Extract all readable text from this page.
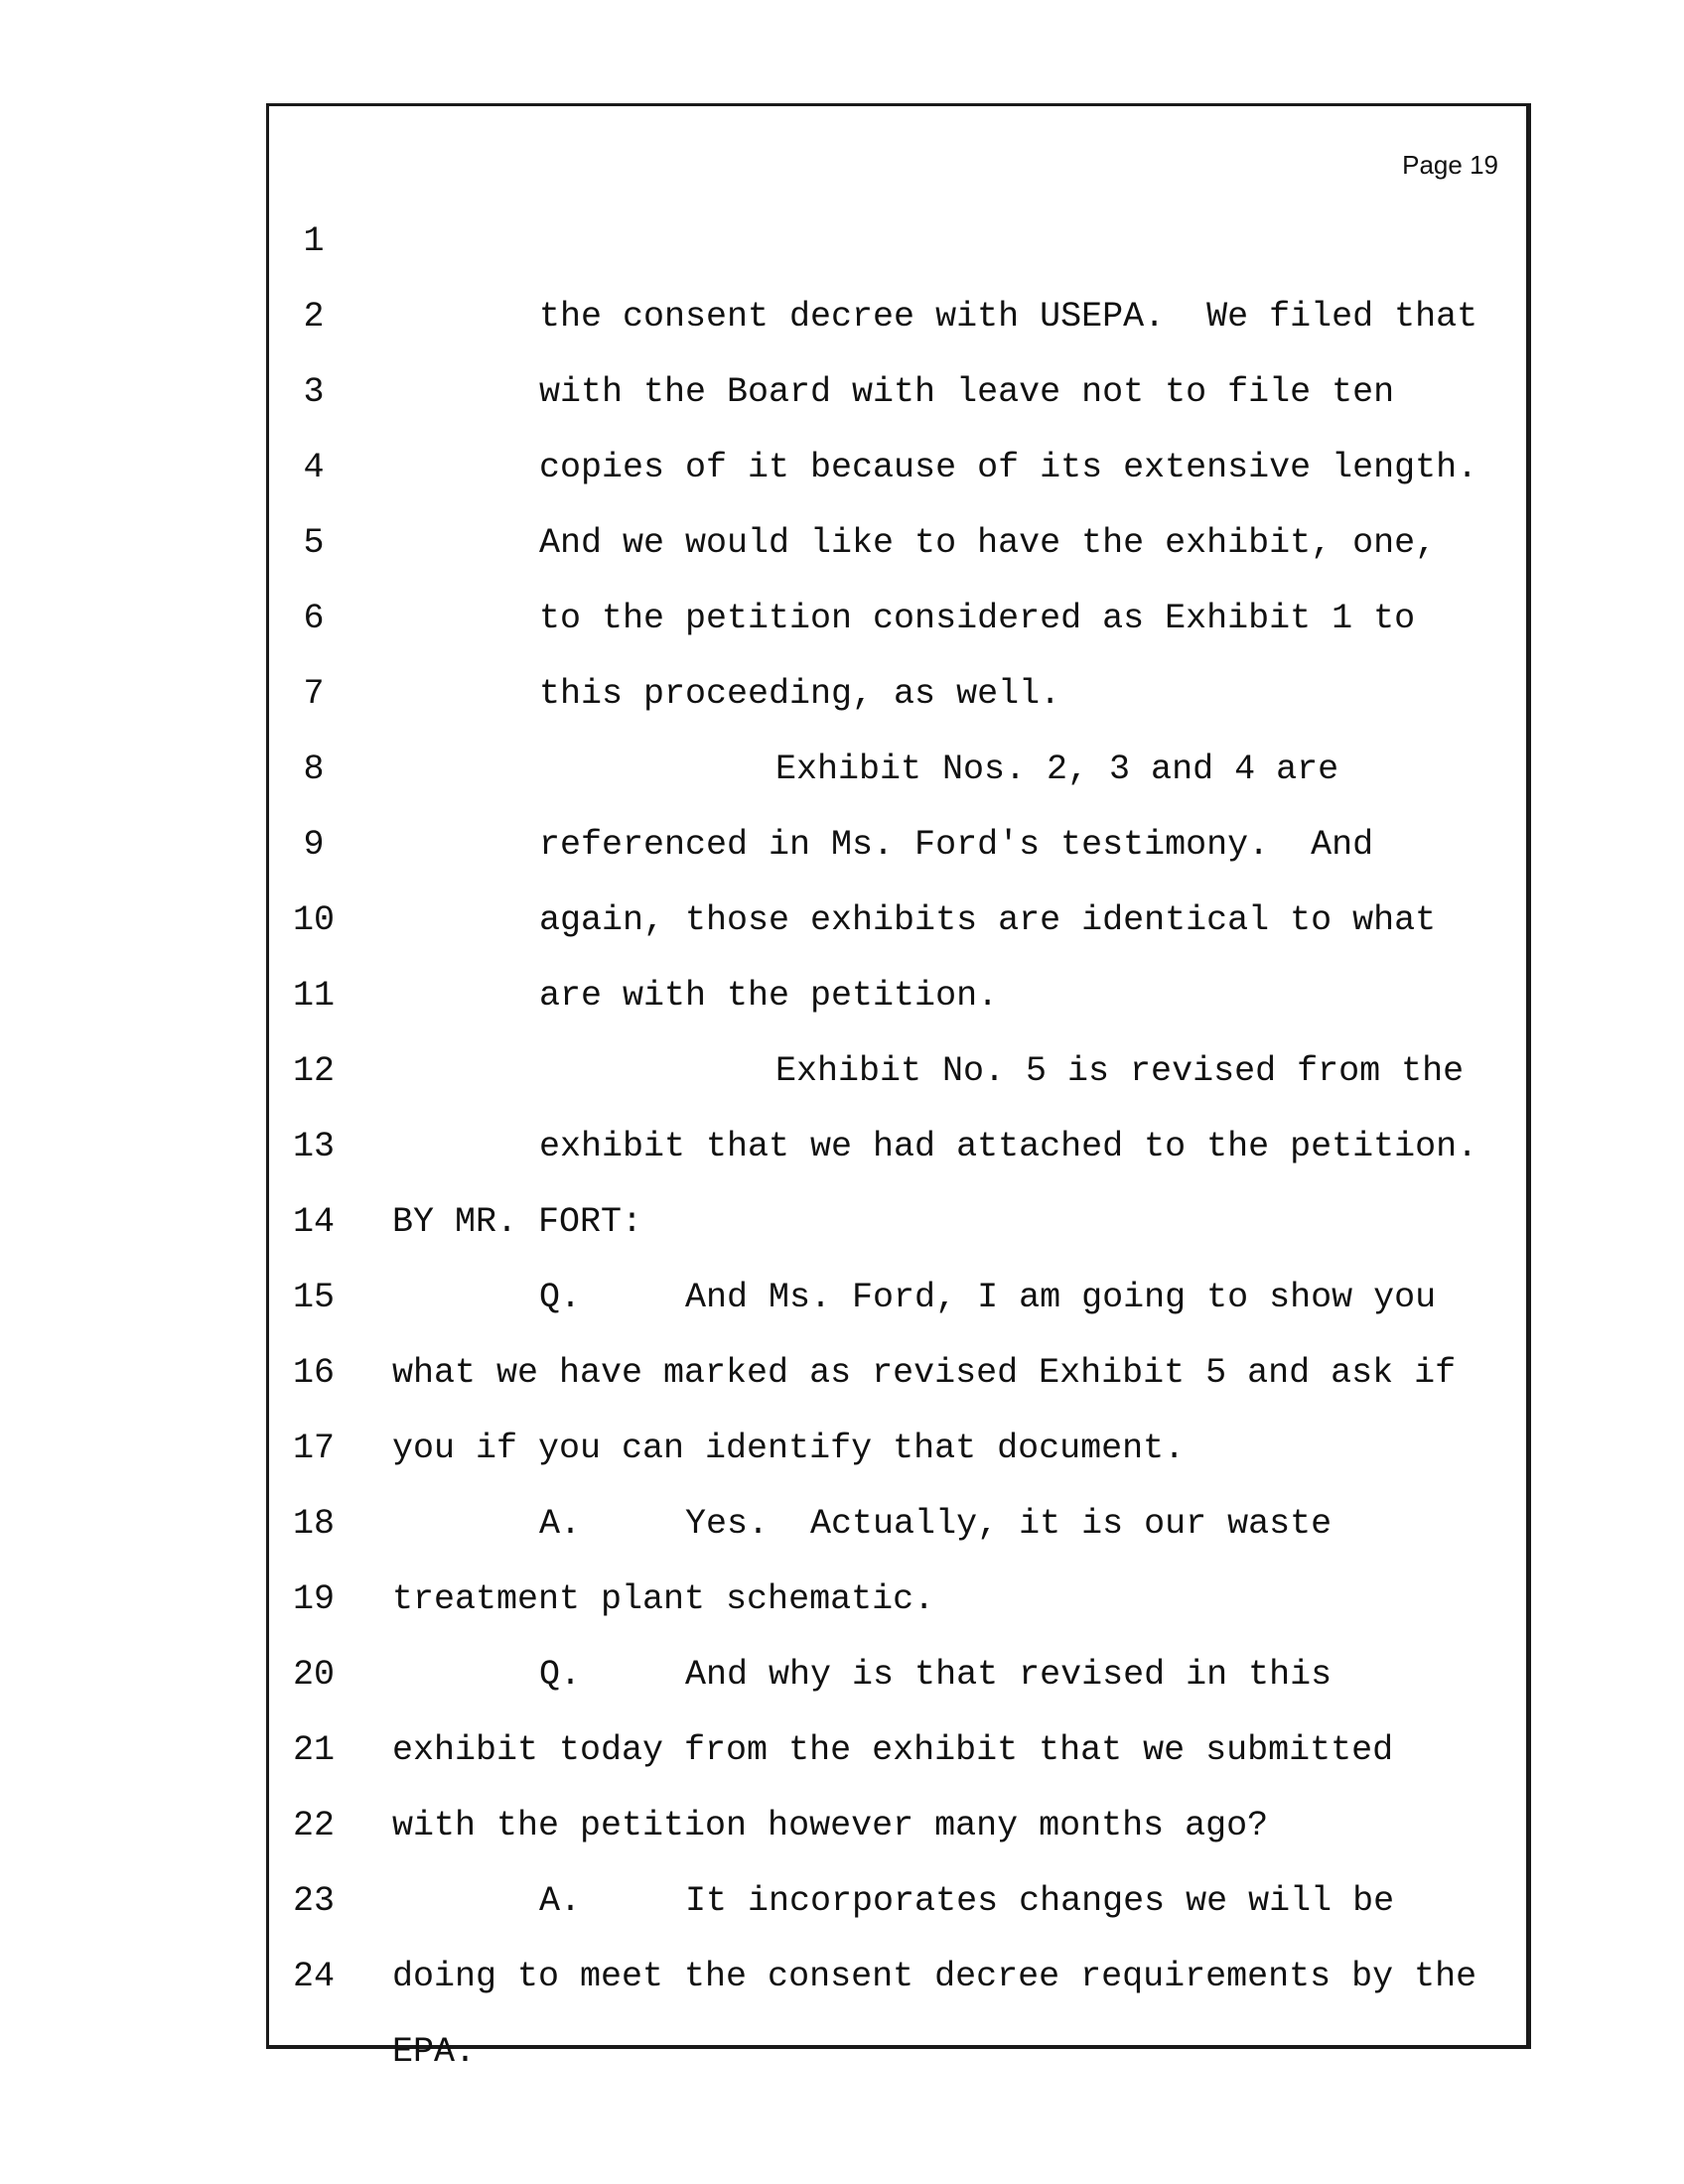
Page 19

1

the consent decree with USEPA.  We filed that

2

with the Board with leave not to file ten

3

copies of it because of its extensive length.

4

And we would like to have the exhibit, one,

5

to the petition considered as Exhibit 1 to

6

this proceeding, as well.

7

Exhibit Nos. 2, 3 and 4 are

8

referenced in Ms. Ford's testimony.  And

9

again, those exhibits are identical to what

10

are with the petition.

11

Exhibit No. 5 is revised from the

12

exhibit that we had attached to the petition.

13

BY MR. FORT:

14

Q.     And Ms. Ford, I am going to show you

15

what we have marked as revised Exhibit 5 and ask if

16

you if you can identify that document.

17

A.     Yes.  Actually, it is our waste

18

treatment plant schematic.

19

Q.     And why is that revised in this

20

exhibit today from the exhibit that we submitted

21

with the petition however many months ago?

22

A.     It incorporates changes we will be

23

doing to meet the consent decree requirements by the

24

EPA.
